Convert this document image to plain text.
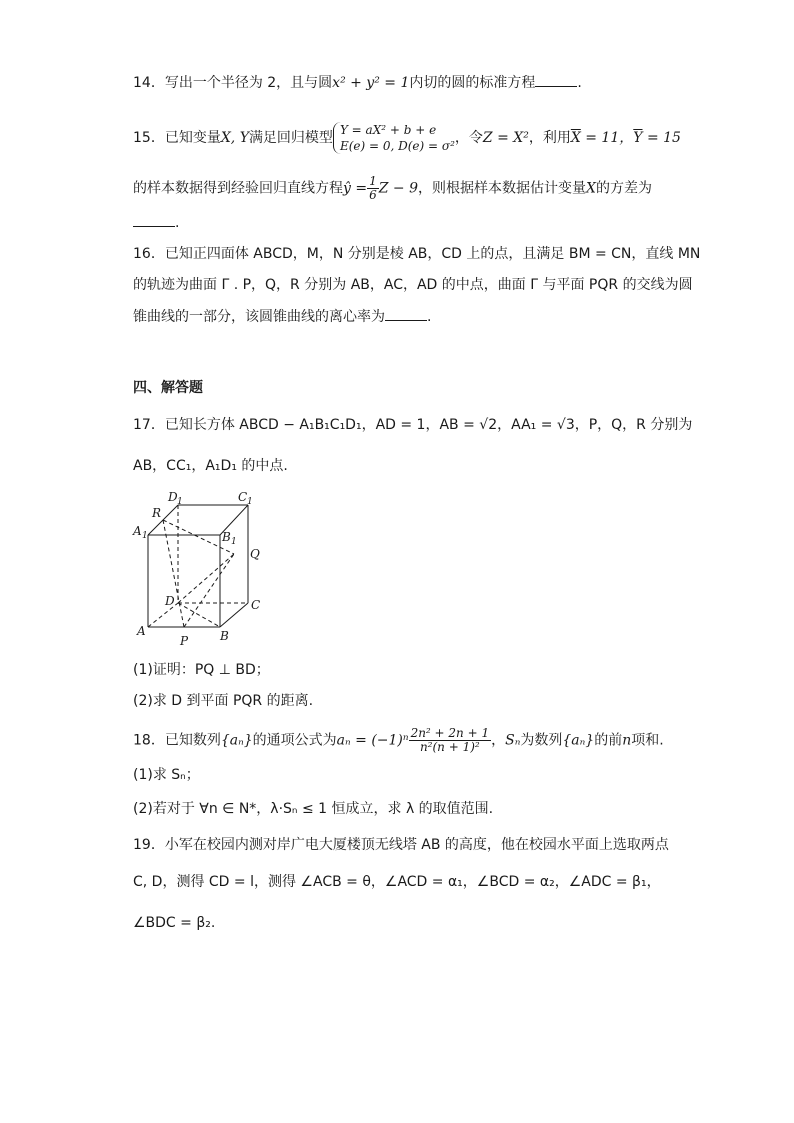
14．写出一个半径为 2，且与圆x² + y² = 1内切的圆的标准方程	.
15．已知变量X, Y满足回归模型 Y = aX² + b + e
E(e) = 0, D(e) = σ² ，令Z = X²，利用$\overline{X} = 11$，$\overline{Y} = 15$
的样本数据得到经验回归直线方程ŷ = $\frac{1}{6}$ Z − 9，则根据样本数据估计变量X的方差为
.
16．已知正四面体 ABCD，M，N 分别是棱 AB，CD 上的点，且满足 BM = CN，直线 MN
的轨迹为曲面 Γ . P，Q，R 分别为 AB，AC，AD 的中点，曲面 Γ 与平面 PQR 的交线为圆
锥曲线的一部分，该圆锥曲线的离心率为	.
四、解答题
17．已知长方体 ABCD − A₁B₁C₁D₁，AD = 1，AB = √2，AA₁ = √3，P，Q，R 分别为
AB，CC₁，A₁D₁ 的中点.
D 1	C 1
R
A 1	B 1
Q
D	C
A	B
P
(1)证明：PQ ⊥ BD；
(2)求 D 到平面 PQR 的距离.
18．已知数列{aₙ}的通项公式为$a_n = (-1)^n \frac{\text{2n² + 2n + 1}}{\text{n²(n + 1)²}}$ ，Sₙ为数列{aₙ}的前n项和.
(1)求 Sₙ；
(2)若对于 ∀n ∈ N*，λ·Sₙ ≤ 1 恒成立，求 λ 的取值范围.
19．小军在校园内测对岸广电大厦楼顶无线塔 AB 的高度，他在校园水平面上选取两点
C, D，测得 CD = l，测得 ∠ACB = θ，∠ACD = α₁，∠BCD = α₂，∠ADC = β₁，
∠BDC = β₂.
